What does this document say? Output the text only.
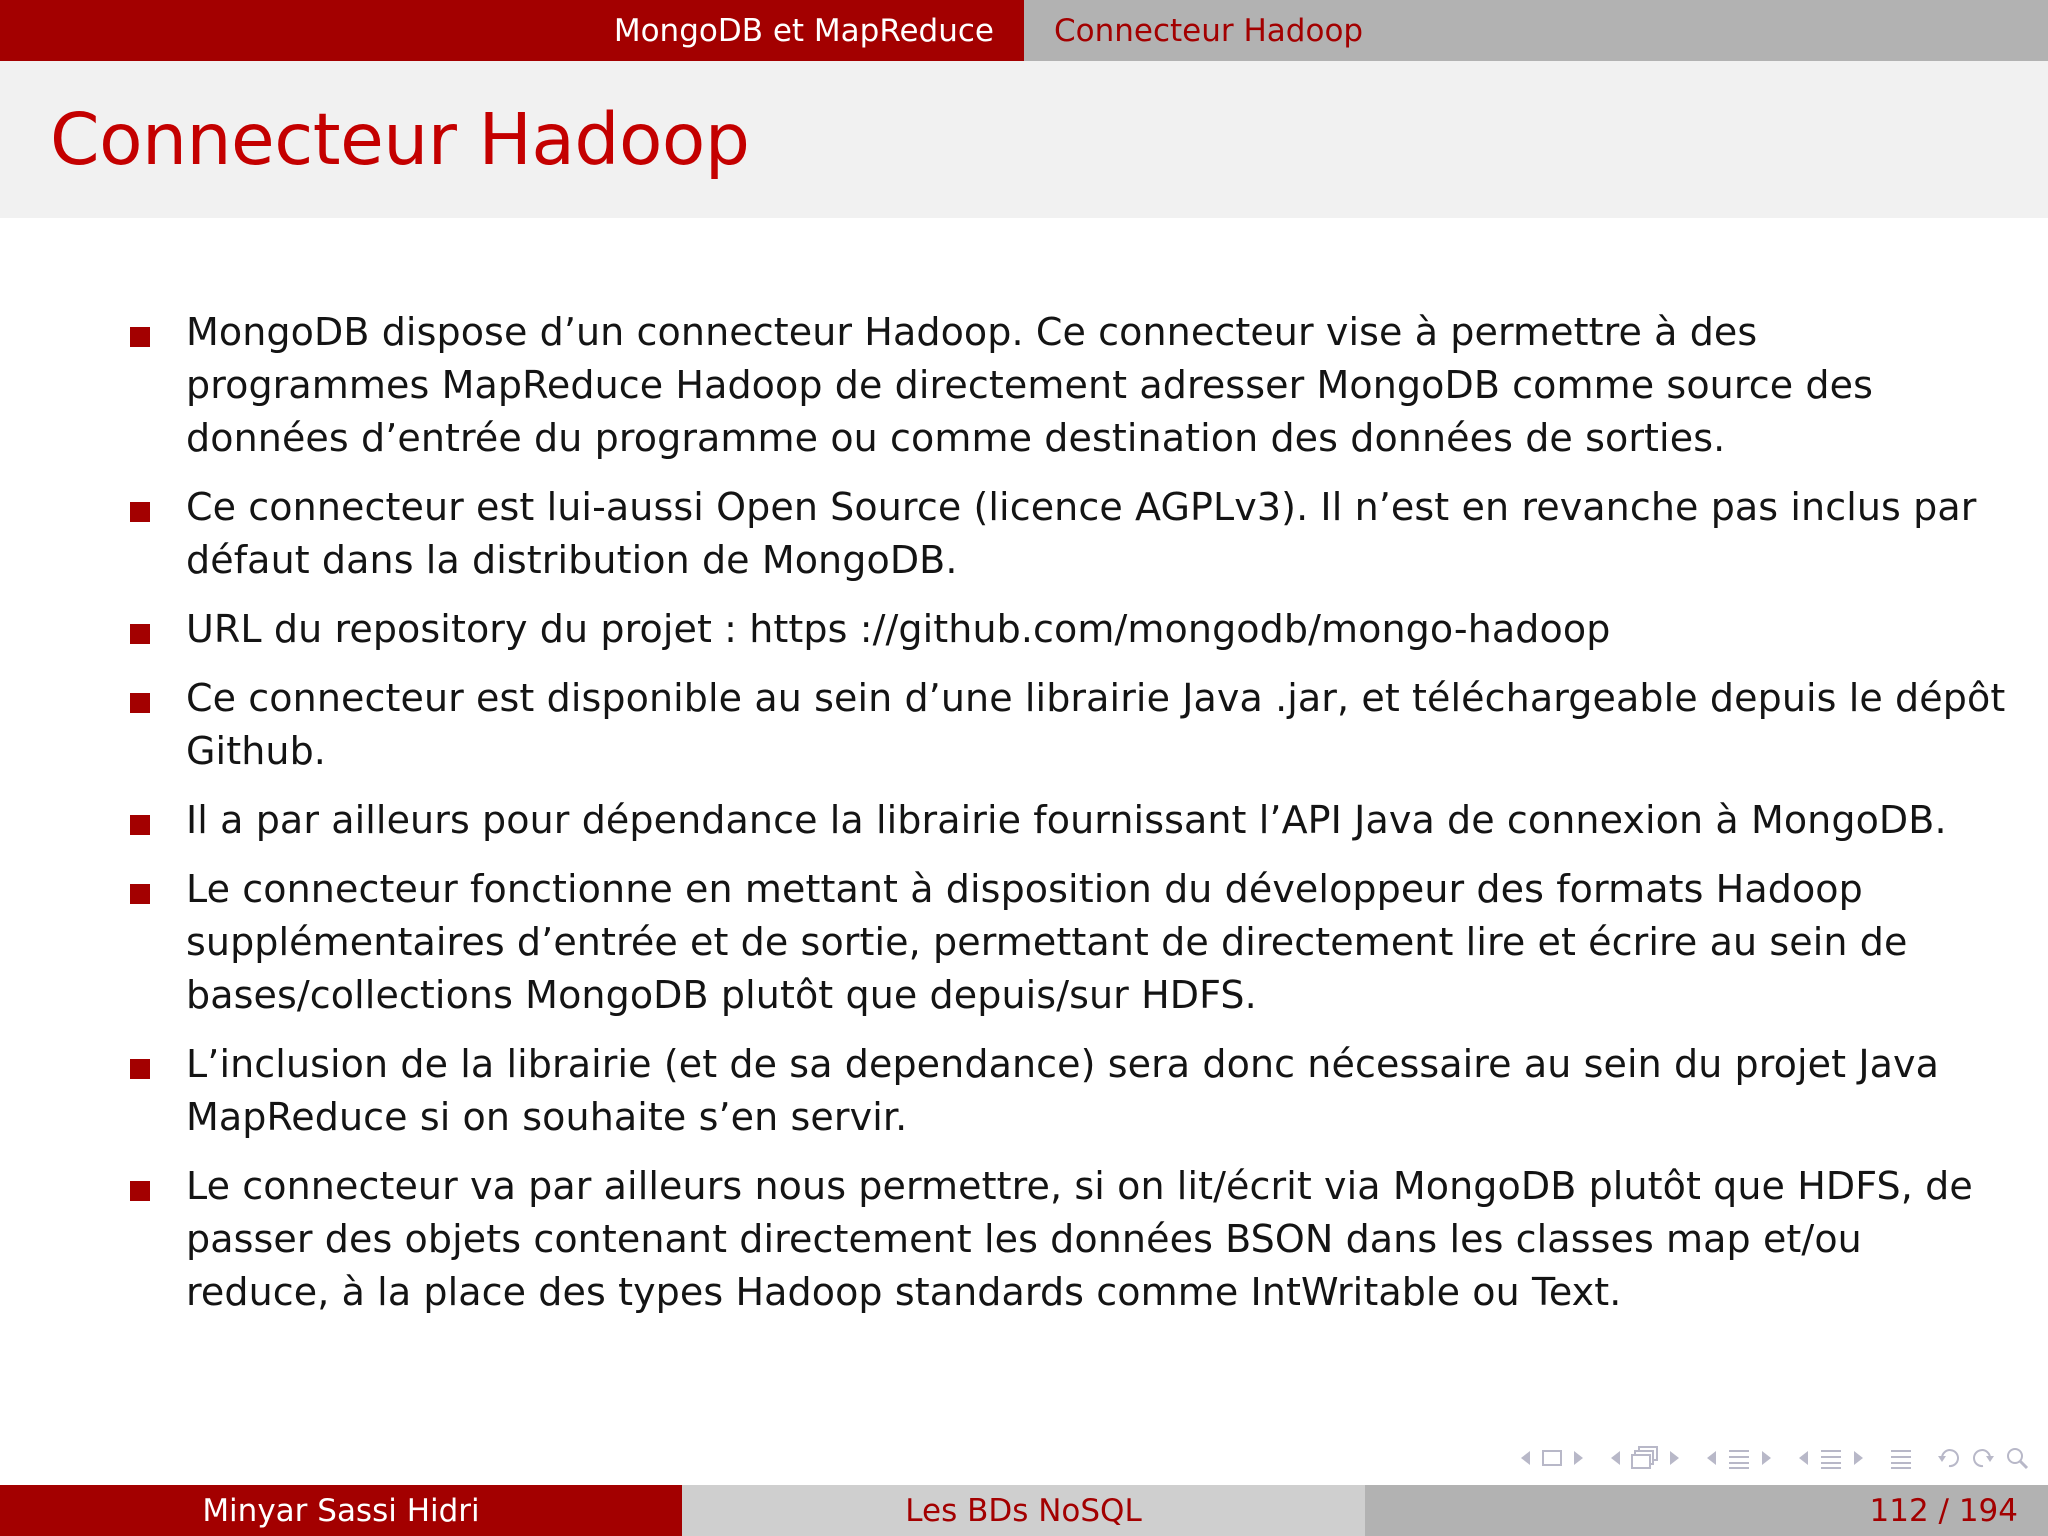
MongoDB et MapReduce Connecteur Hadoop
Connecteur Hadoop
MongoDB dispose d’un connecteur Hadoop. Ce connecteur vise à permettre à des programmes MapReduce Hadoop de directement adresser MongoDB comme source des données d’entrée du programme ou comme destination des données de sorties.
Ce connecteur est lui-aussi Open Source (licence AGPLv3). Il n’est en revanche pas inclus par défaut dans la distribution de MongoDB.
URL du repository du projet : https ://github.com/mongodb/mongo-hadoop
Ce connecteur est disponible au sein d’une librairie Java .jar, et téléchargeable depuis le dépôt Github.
Il a par ailleurs pour dépendance la librairie fournissant l’API Java de connexion à MongoDB.
Le connecteur fonctionne en mettant à disposition du développeur des formats Hadoop supplémentaires d’entrée et de sortie, permettant de directement lire et écrire au sein de bases/collections MongoDB plutôt que depuis/sur HDFS.
L’inclusion de la librairie (et de sa dependance) sera donc nécessaire au sein du projet Java MapReduce si on souhaite s’en servir.
Le connecteur va par ailleurs nous permettre, si on lit/écrit via MongoDB plutôt que HDFS, de passer des objets contenant directement les données BSON dans les classes map et/ou reduce, à la place des types Hadoop standards comme IntWritable ou Text.
Minyar Sassi Hidri	Les BDs NoSQL	112 / 194
